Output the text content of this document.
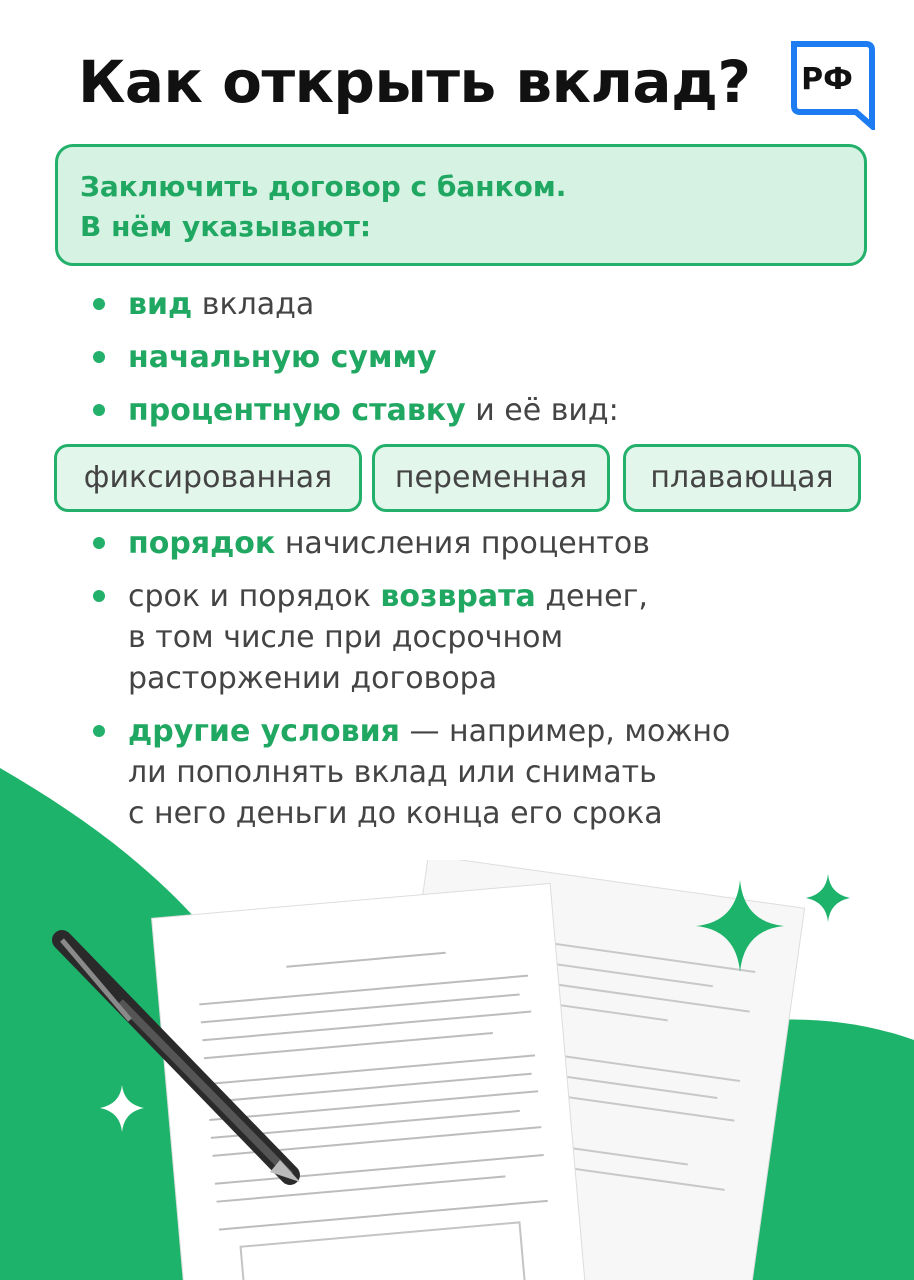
Как открыть вклад? РФ
Заключить договор с банком.
В нём указывают:
вид вклада
начальную сумму
процентную ставку и её вид:
фиксированная	переменная	плавающая
порядок начисления процентов
срок и порядок возврата денег,
в том числе при досрочном
расторжении договора
другие условия — например, можно
ли пополнять вклад или снимать
с него деньги до конца его срока
